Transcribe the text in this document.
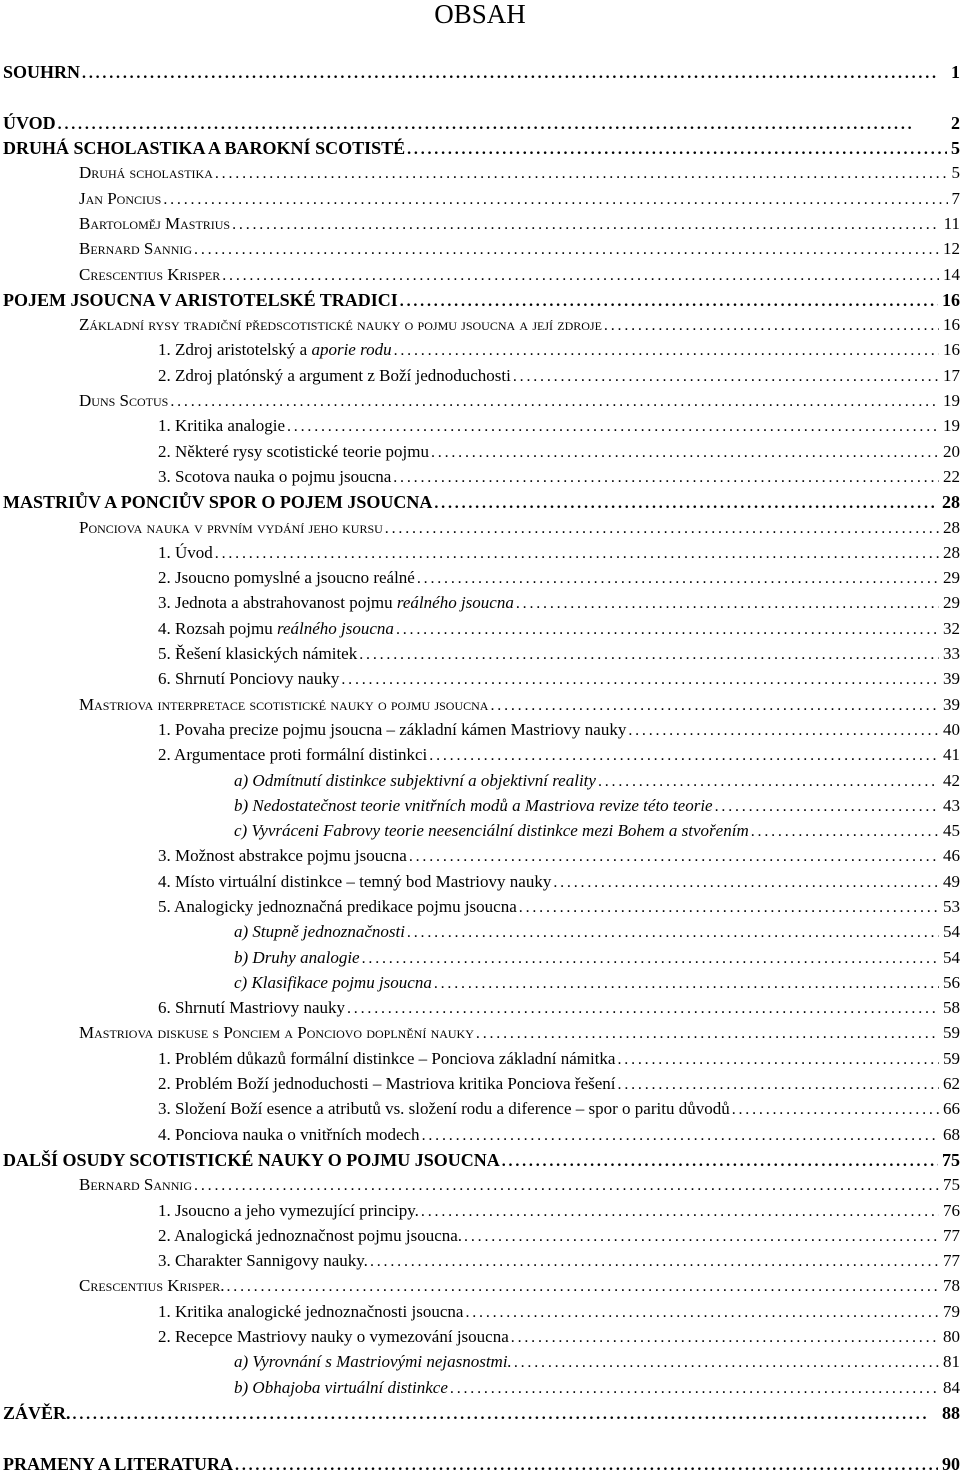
OBSAH
SOUHRN . . .	1
ÚVOD . . .	2
DRUHÁ SCHOLASTIKA A BAROKNÍ SCOTISTÉ . . .	5
Druhá scholastika . . .	5
Jan Poncius . . .	7
Bartoloměj Mastrius . . .	11
Bernard Sannig . . .	12
Crescentius Krisper . . .	14
POJEM JSOUCNA V ARISTOTELSKÉ TRADICI . . .	16
Základní rysy tradiční předscotistické nauky o pojmu jsoucna a její zdroje . . .	16
1. Zdroj aristotelský a aporie rodu . . .	16
2. Zdroj platónský a argument z Boží jednoduchosti . . .	17
Duns Scotus . . .	19
1. Kritika analogie . . .	19
2. Některé rysy scotistické teorie pojmu . . .	20
3. Scotova nauka o pojmu jsoucna . . .	22
MASTRIŮV A PONCIŮV SPOR O POJEM JSOUCNA . . .	28
Ponciova nauka v prvním vydání jeho kursu . . .	28
1. Úvod . . .	28
2. Jsoucno pomyslné a jsoucno reálné . . .	29
3. Jednota a abstrahovanost pojmu reálného jsoucna . . .	29
4. Rozsah pojmu reálného jsoucna . . .	32
5. Řešení klasických námitek . . .	33
6. Shrnutí Ponciovy nauky . . .	39
Mastriova interpretace scotistické nauky o pojmu jsoucna . . .	39
1. Povaha precize pojmu jsoucna – základní kámen Mastriovy nauky . . .	40
2. Argumentace proti formální distinkci . . .	41
a) Odmítnutí distinkce subjektivní a objektivní reality . . .	42
b) Nedostatečnost teorie vnitřních modů a Mastriova revize této teorie . . .	43
c) Vyvráceni Fabrovy teorie neesenciální distinkce mezi Bohem a stvořením . . .	45
3. Možnost abstrakce pojmu jsoucna . . .	46
4. Místo virtuální distinkce – temný bod Mastriovy nauky . . .	49
5. Analogicky jednoznačná predikace pojmu jsoucna . . .	53
a) Stupně jednoznačnosti . . .	54
b) Druhy analogie . . .	54
c) Klasifikace pojmu jsoucna . . .	56
6. Shrnutí Mastriovy nauky . . .	58
Mastriova diskuse s Ponciem a Ponciovo doplnění nauky . . .	59
1. Problém důkazů formální distinkce – Ponciova základní námitka . . .	59
2. Problém Boží jednoduchosti – Mastriova kritika Ponciova řešení . . .	62
3. Složení Boží esence a atributů vs. složení rodu a diference – spor o paritu důvodů . . .	66
4. Ponciova nauka o vnitřních modech . . .	68
DALŠÍ OSUDY SCOTISTICKÉ NAUKY O POJMU JSOUCNA . . .	75
Bernard Sannig . . .	75
1. Jsoucno a jeho vymezující principy. . . .	76
2. Analogická jednoznačnost pojmu jsoucna. . . .	77
3. Charakter Sannigovy nauky. . . .	77
Crescentius Krisper. . . .	78
1. Kritika analogické jednoznačnosti jsoucna . . .	79
2. Recepce Mastriovy nauky o vymezování jsoucna . . .	80
a) Vyrovnání s Mastriovými nejasnostmi. . . .	81
b) Obhajoba virtuální distinkce . . .	84
ZÁVĚR. . . .	88
PRAMENY A LITERATURA . . .	90
